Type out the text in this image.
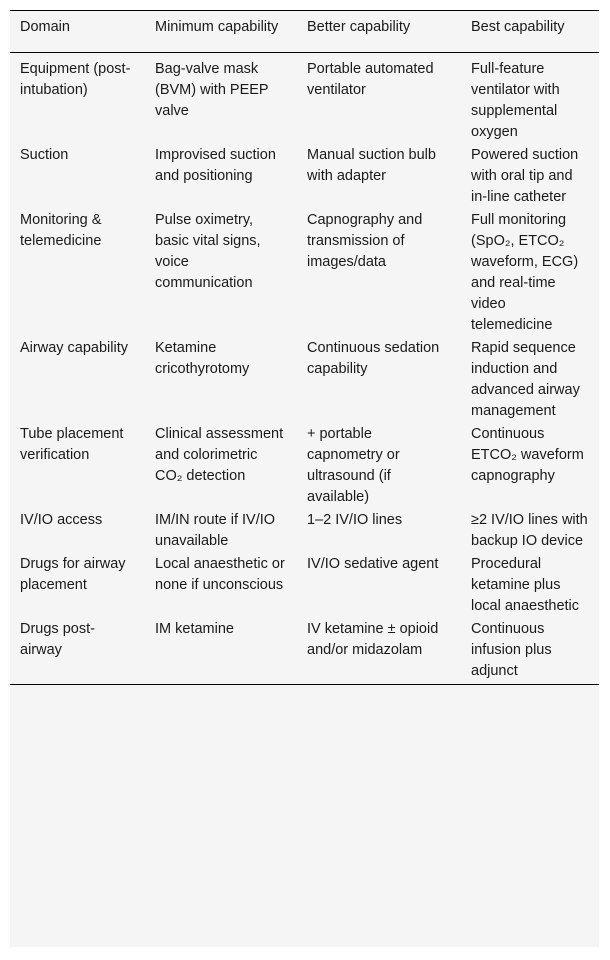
Domain	Minimum capability	Better capability	Best capability
Equipment (post-intubation)	Bag-valve mask (BVM) with PEEP valve	Portable automated ventilator	Full-feature ventilator with supplemental oxygen
Suction	Improvised suction and positioning	Manual suction bulb with adapter	Powered suction with oral tip and in-line catheter
Monitoring & telemedicine	Pulse oximetry, basic vital signs, voice communication	Capnography and transmission of images/data	Full monitoring (SpO₂, ETCO₂ waveform, ECG) and real-time video telemedicine
Airway capability	Ketamine cricothyrotomy	Continuous sedation capability	Rapid sequence induction and advanced airway management
Tube placement verification	Clinical assessment and colorimetric CO₂ detection	+ portable capnometry or ultrasound (if available)	Continuous ETCO₂ waveform capnography
IV/IO access	IM/IN route if IV/IO unavailable	1–2 IV/IO lines	≥2 IV/IO lines with backup IO device
Drugs for airway placement	Local anaesthetic or none if unconscious	IV/IO sedative agent	Procedural ketamine plus local anaesthetic
Drugs post-airway	IM ketamine	IV ketamine ± opioid and/or midazolam	Continuous infusion plus adjunct
